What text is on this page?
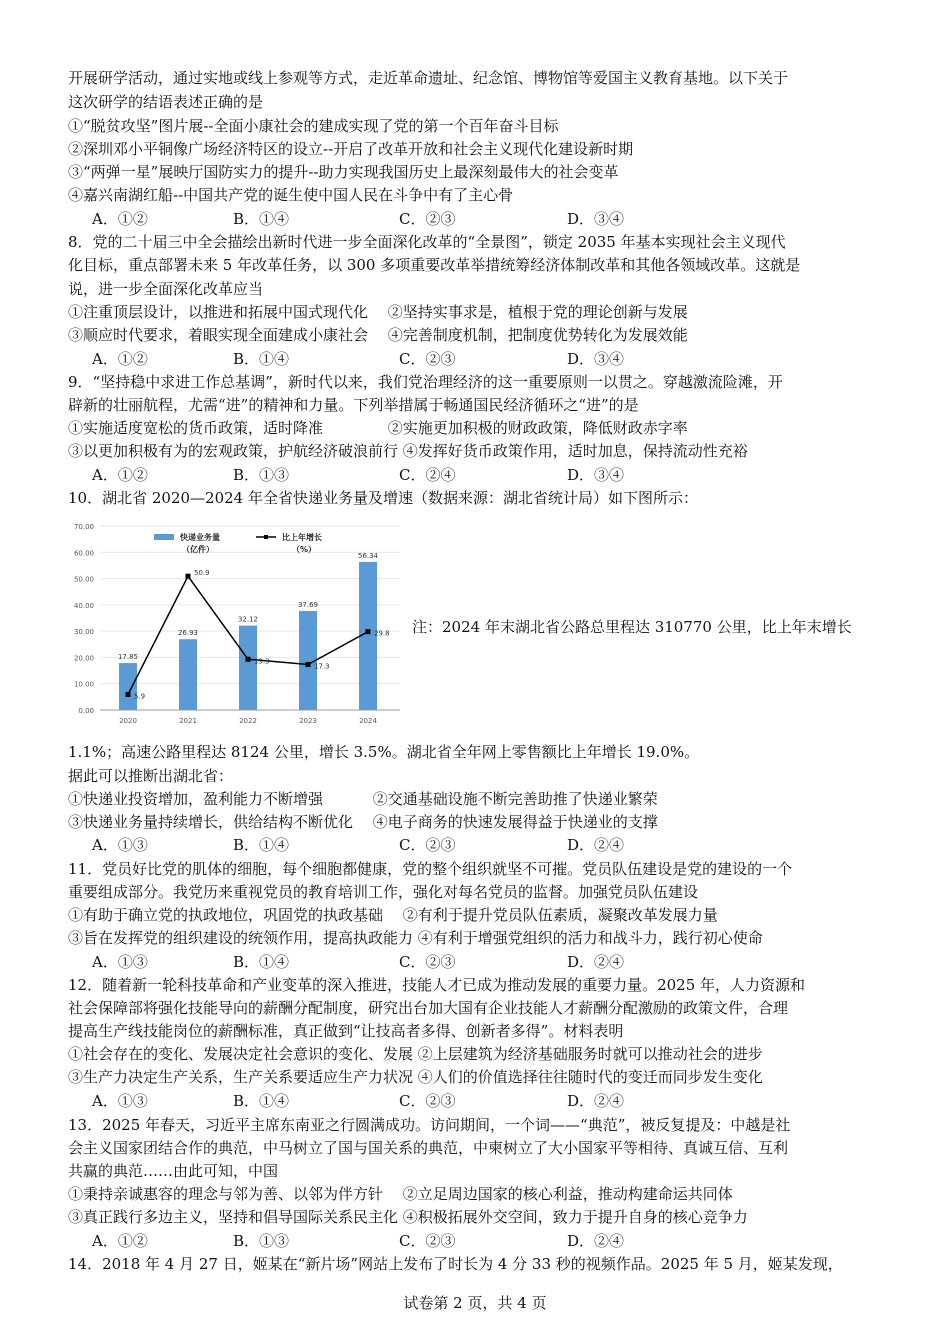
开展研学活动，通过实地或线上参观等方式，走近革命遗址、纪念馆、博物馆等爱国主义教育基地。以下关于
这次研学的结语表述正确的是
①“脱贫攻坚”图片展--全面小康社会的建成实现了党的第一个百年奋斗目标
②深圳邓小平铜像广场经济特区的设立--开启了改革开放和社会主义现代化建设新时期
③“两弹一星”展映厅国防实力的提升--助力实现我国历史上最深刻最伟大的社会变革
④嘉兴南湖红船--中国共产党的诞生使中国人民在斗争中有了主心骨
8．党的二十届三中全会描绘出新时代进一步全面深化改革的“全景图”，锁定 2035 年基本实现社会主义现代
化目标，重点部署未来 5 年改革任务，以 300 多项重要改革举措统筹经济体制改革和其他各领域改革。这就是
说，进一步全面深化改革应当
①注重顶层设计，以推进和拓展中国式现代化　 ②坚持实事求是，植根于党的理论创新与发展
③顺应时代要求，着眼实现全面建成小康社会　 ④完善制度机制，把制度优势转化为发展效能
9．“坚持稳中求进工作总基调”，新时代以来，我们党治理经济的这一重要原则一以贯之。穿越激流险滩，开
辟新的壮丽航程，尤需“进”的精神和力量。下列举措属于畅通国民经济循环之“进”的是
①实施适度宽松的货币政策，适时降准　　　　 ②实施更加积极的财政政策，降低财政赤字率
③以更加积极有为的宏观政策，护航经济破浪前行 ④发挥好货币政策作用，适时加息，保持流动性充裕
10．湖北省 2020—2024 年全省快递业务量及增速（数据来源：湖北省统计局）如下图所示：
1.1%；高速公路里程达 8124 公里，增长 3.5%。湖北省全年网上零售额比上年增长 19.0%。
据此可以推断出湖北省：
①快递业投资增加，盈利能力不断增强　　　 ②交通基础设施不断完善助推了快递业繁荣
③快递业务量持续增长，供给结构不断优化　 ④电子商务的快速发展得益于快递业的支撑
11．党员好比党的肌体的细胞，每个细胞都健康，党的整个组织就坚不可摧。党员队伍建设是党的建设的一个
重要组成部分。我党历来重视党员的教育培训工作，强化对每名党员的监督。加强党员队伍建设
①有助于确立党的执政地位，巩固党的执政基础　 ②有利于提升党员队伍素质，凝聚改革发展力量
③旨在发挥党的组织建设的统领作用，提高执政能力 ④有利于增强党组织的活力和战斗力，践行初心使命
12．随着新一轮科技革命和产业变革的深入推进，技能人才已成为推动发展的重要力量。2025 年，人力资源和
社会保障部将强化技能导向的薪酬分配制度，研究出台加大国有企业技能人才薪酬分配激励的政策文件，合理
提高生产线技能岗位的薪酬标准，真正做到“让技高者多得、创新者多得”。材料表明
①社会存在的变化、发展决定社会意识的变化、发展 ②上层建筑为经济基础服务时就可以推动社会的进步
③生产力决定生产关系，生产关系要适应生产力状况 ④人们的价值选择往往随时代的变迁而同步发生变化
13．2025 年春天，习近平主席东南亚之行圆满成功。访问期间，一个词——“典范”，被反复提及：中越是社
会主义国家团结合作的典范，中马树立了国与国关系的典范，中柬树立了大小国家平等相待、真诚互信、互利
共赢的典范……由此可知，中国
①秉持亲诚惠容的理念与邻为善、以邻为伴方针　 ②立足周边国家的核心利益，推动构建命运共同体
③真正践行多边主义，坚持和倡导国际关系民主化 ④积极拓展外交空间，致力于提升自身的核心竞争力
14．2018 年 4 月 27 日，姬某在“新片场”网站上发布了时长为 4 分 33 秒的视频作品。2025 年 5 月，姬某发现，
A．①②	B．①④	C．②③	D．③④
A．①②	B．①④	C．②③	D．③④
A．①②	B．①③	C．②④	D．③④
A．①③	B．①④	C．②③	D．②④
A．①③	B．①④	C．②③	D．②④
A．①③	B．①④	C．②③	D．②④
A．①②	B．①③	C．②③	D．②④
0.00
10.00
20.00
30.00
40.00
50.00
60.00
70.00
17.85
26.93
32.12
37.69
56.34
5.9
50.9
19.3
17.3
29.8
2020	2021	2022	2023	2024
快递业务量
（亿件）
比上年增长
（%）
注：2024 年末湖北省公路总里程达 310770 公里，比上年末增长
试卷第 2 页，共 4 页
